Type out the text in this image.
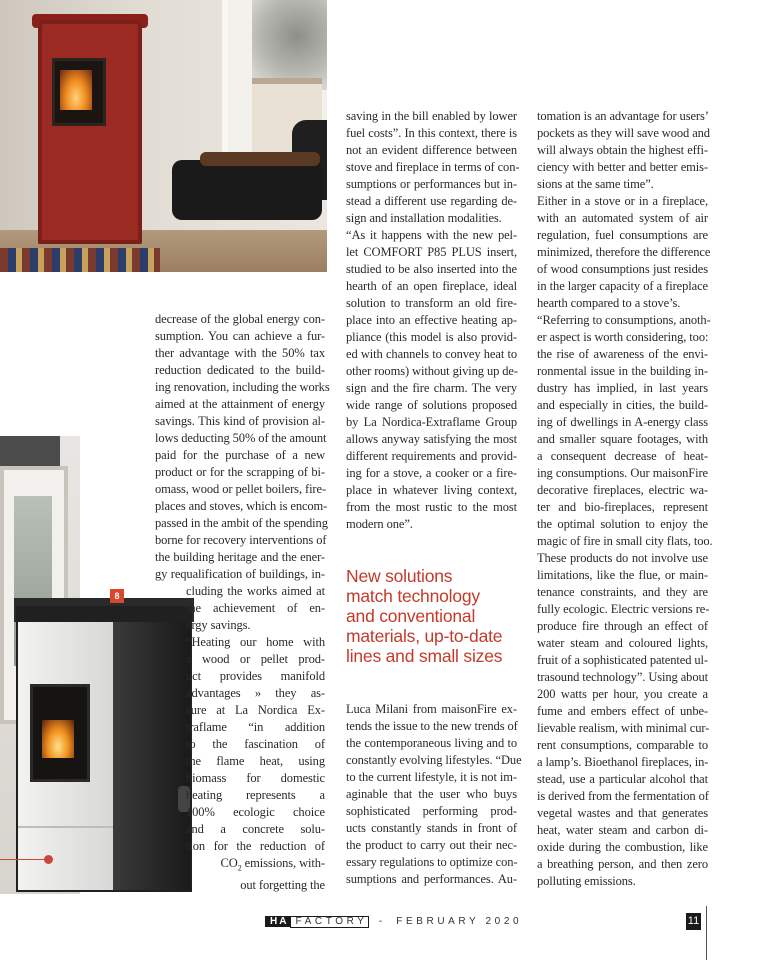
8
decrease of the global energy con-
sumption. You can achieve a fur-
ther advantage with the 50% tax
reduction dedicated to the build-
ing renovation, including the works
aimed at the attainment of energy
savings. This kind of provision al-
lows deducting 50% of the amount
paid for the purchase of a new
product or for the scrapping of bi-
omass, wood or pellet boilers, fire-
places and stoves, which is encom-
passed in the ambit of the spending
borne for recovery interventions of
the building heritage and the ener-
gy requalification of buildings, in-
cluding the works aimed at
the achievement of en-
ergy savings.
“Heating our home with
a wood or pellet prod-
uct provides manifold
advantages » they as-
sure at La Nordica Ex-
traflame “in addition
to the fascination of
the flame heat, using
biomass for domestic
heating represents a
100% ecologic choice
and a concrete solu-
tion for the reduction of
$CO_2$ emissions, with-
out forgetting the
saving in the bill enabled by lower
fuel costs”. In this context, there is
not an evident difference between
stove and fireplace in terms of con-
sumptions or performances but in-
stead a different use regarding de-
sign and installation modalities.
“As it happens with the new pel-
let COMFORT P85 PLUS insert,
studied to be also inserted into the
hearth of an open fireplace, ideal
solution to transform an old fire-
place into an effective heating ap-
pliance (this model is also provid-
ed with channels to convey heat to
other rooms) without giving up de-
sign and the fire charm. The very
wide range of solutions proposed
by La Nordica-Extraflame Group
allows anyway satisfying the most
different requirements and provid-
ing for a stove, a cooker or a fire-
place in whatever living context,
from the most rustic to the most
modern one”.
New solutions
match technology
and conventional
materials, up-to-date
lines and small sizes
Luca Milani from maisonFire ex-
tends the issue to the new trends of
the contemporaneous living and to
constantly evolving lifestyles. “Due
to the current lifestyle, it is not im-
aginable that the user who buys
sophisticated performing prod-
ucts constantly stands in front of
the product to carry out their nec-
essary regulations to optimize con-
sumptions and performances. Au-
tomation is an advantage for users’
pockets as they will save wood and
will always obtain the highest effi-
ciency with better and better emis-
sions at the same time”.
Either in a stove or in a fireplace,
with an automated system of air
regulation, fuel consumptions are
minimized, therefore the difference
of wood consumptions just resides
in the larger capacity of a fireplace
hearth compared to a stove’s.
“Referring to consumptions, anoth-
er aspect is worth considering, too:
the rise of awareness of the envi-
ronmental issue in the building in-
dustry has implied, in last years
and especially in cities, the build-
ing of dwellings in A-energy class
and smaller square footages, with
a consequent decrease of heat-
ing consumptions. Our maisonFire
decorative fireplaces, electric wa-
ter and bio-fireplaces, represent
the optimal solution to enjoy the
magic of fire in small city flats, too.
These products do not involve use
limitations, like the flue, or main-
tenance constraints, and they are
fully ecologic. Electric versions re-
produce fire through an effect of
water steam and coloured lights,
fruit of a sophisticated patented ul-
trasound technology”. Using about
200 watts per hour, you create a
fume and embers effect of unbe-
lievable realism, with minimal cur-
rent consumptions, comparable to
a lamp’s. Bioethanol fireplaces, in-
stead, use a particular alcohol that
is derived from the fermentation of
vegetal wastes and that generates
heat, water steam and carbon di-
oxide during the combustion, like
a breathing person, and then zero
polluting emissions.
HA FACTORY - FEBRUARY 2020	11
